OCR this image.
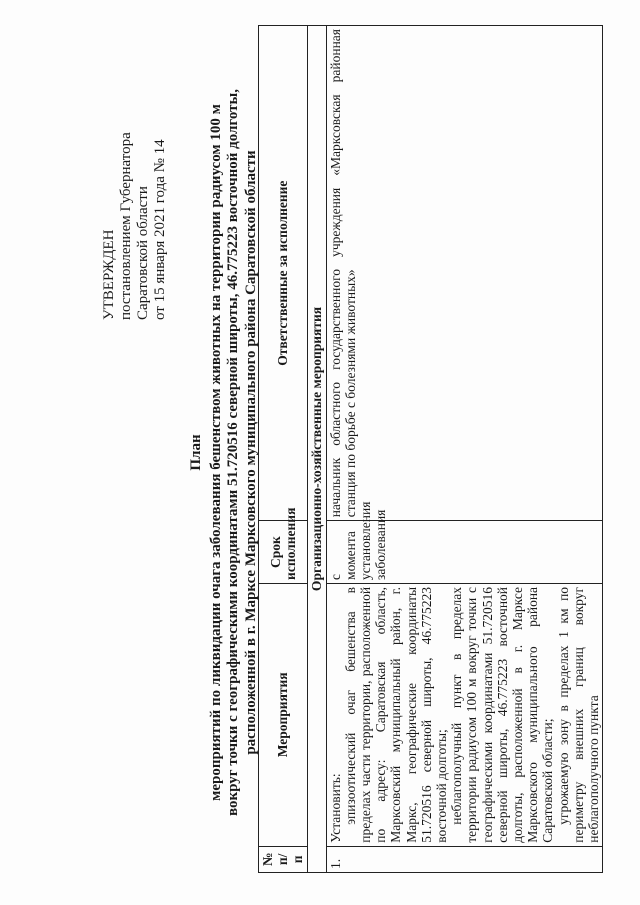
УТВЕРЖДЕН постановлением Губернатора Саратовской области от 15 января 2021 года № 14
План мероприятий по ликвидации очага заболевания бешенством животных на территории радиусом 100 м вокруг точки с географическими координатами 51.720516 северной широты, 46.775223 восточной долготы, расположенной в г. Марксе Марксовского муниципального района Саратовской области
№ п/п	Мероприятия	Срок исполнения	Ответственные за исполнение
Организационно-хозяйственные мероприятия			
1.	Установить: эпизоотический очаг бешенства в пределах части территории, расположенной по адресу: Саратовская область, Марксовский муниципальный район, г. Маркс, географические координаты 51.720516 северной широты, 46.775223 восточной долготы; неблагополучный пункт в пределах территории радиусом 100 м вокруг точки с географическими координатами 51.720516 северной широты, 46.775223 восточной долготы, расположенной в г. Марксе Марксовского муниципального района Саратовской области; угрожаемую зону в пределах 1 км по периметру внешних границ вокруг неблагополучного пункта	с момента установления заболевания	начальник областного государственного учреждения «Марксовская районная станция по борьбе с болезнями животных»
